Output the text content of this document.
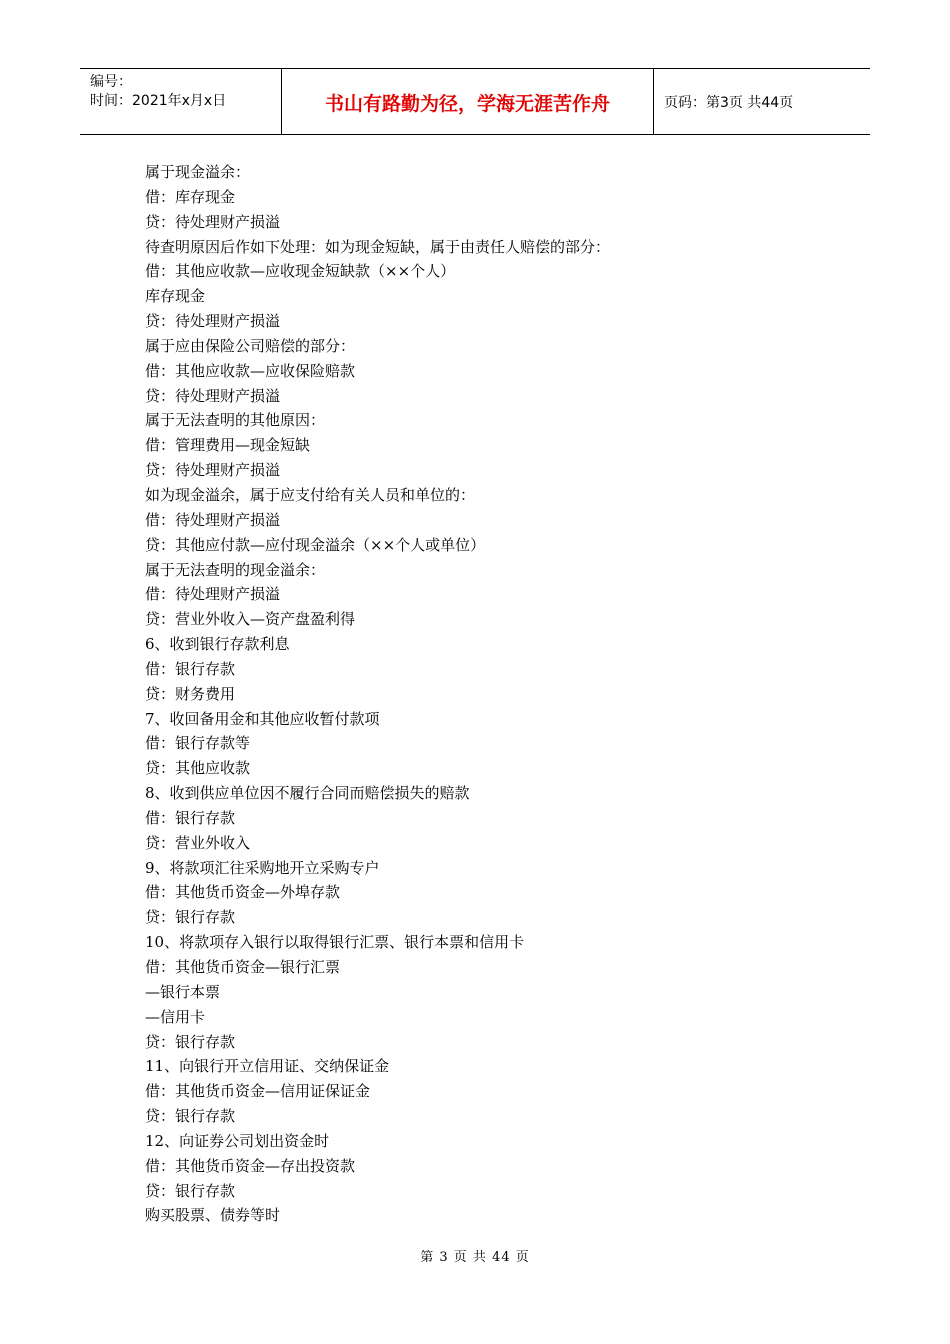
编号：
时间：2021年x月x日	书山有路勤为径，学海无涯苦作舟	页码：第3页 共44页
属于现金溢余：
借：库存现金
贷：待处理财产损溢
待查明原因后作如下处理：如为现金短缺，属于由责任人赔偿的部分：
借：其他应收款—应收现金短缺款（××个人）
库存现金
贷：待处理财产损溢
属于应由保险公司赔偿的部分：
借：其他应收款—应收保险赔款
贷：待处理财产损溢
属于无法查明的其他原因：
借：管理费用—现金短缺
贷：待处理财产损溢
如为现金溢余，属于应支付给有关人员和单位的：
借：待处理财产损溢
贷：其他应付款—应付现金溢余（××个人或单位）
属于无法查明的现金溢余：
借：待处理财产损溢
贷：营业外收入—资产盘盈利得
6、收到银行存款利息
借：银行存款
贷：财务费用
7、收回备用金和其他应收暂付款项
借：银行存款等
贷：其他应收款
8、收到供应单位因不履行合同而赔偿损失的赔款
借：银行存款
贷：营业外收入
9、将款项汇往采购地开立采购专户
借：其他货币资金—外埠存款
贷：银行存款
10、将款项存入银行以取得银行汇票、银行本票和信用卡
借：其他货币资金—银行汇票
—银行本票
—信用卡
贷：银行存款
11、向银行开立信用证、交纳保证金
借：其他货币资金—信用证保证金
贷：银行存款
12、向证券公司划出资金时
借：其他货币资金—存出投资款
贷：银行存款
购买股票、债券等时
第 3 页 共 44 页
